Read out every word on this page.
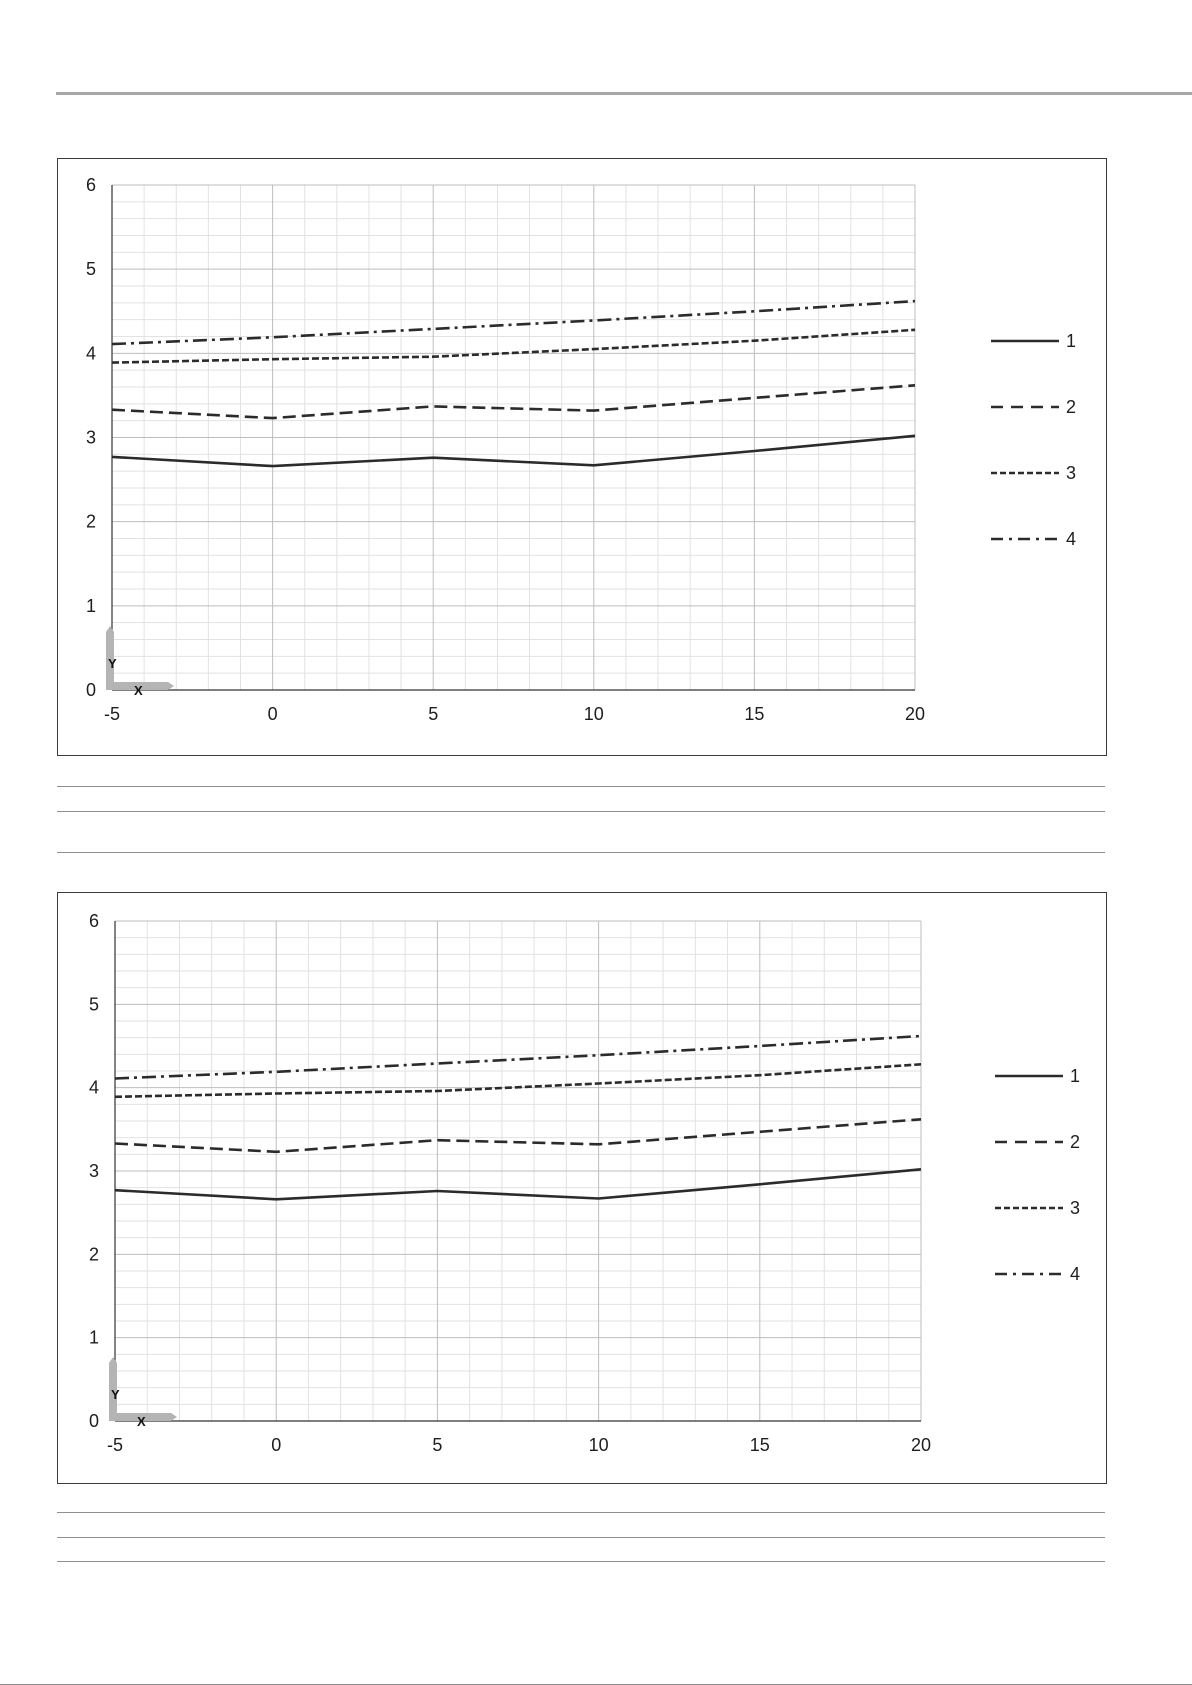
-5	0	5	10	15	20
0
1
2
3
4
5
6
Y
X
1
2
3
4
-5	0	5	10	15	20
0
1
2
3
4
5
6
Y
X
1
2
3
4
